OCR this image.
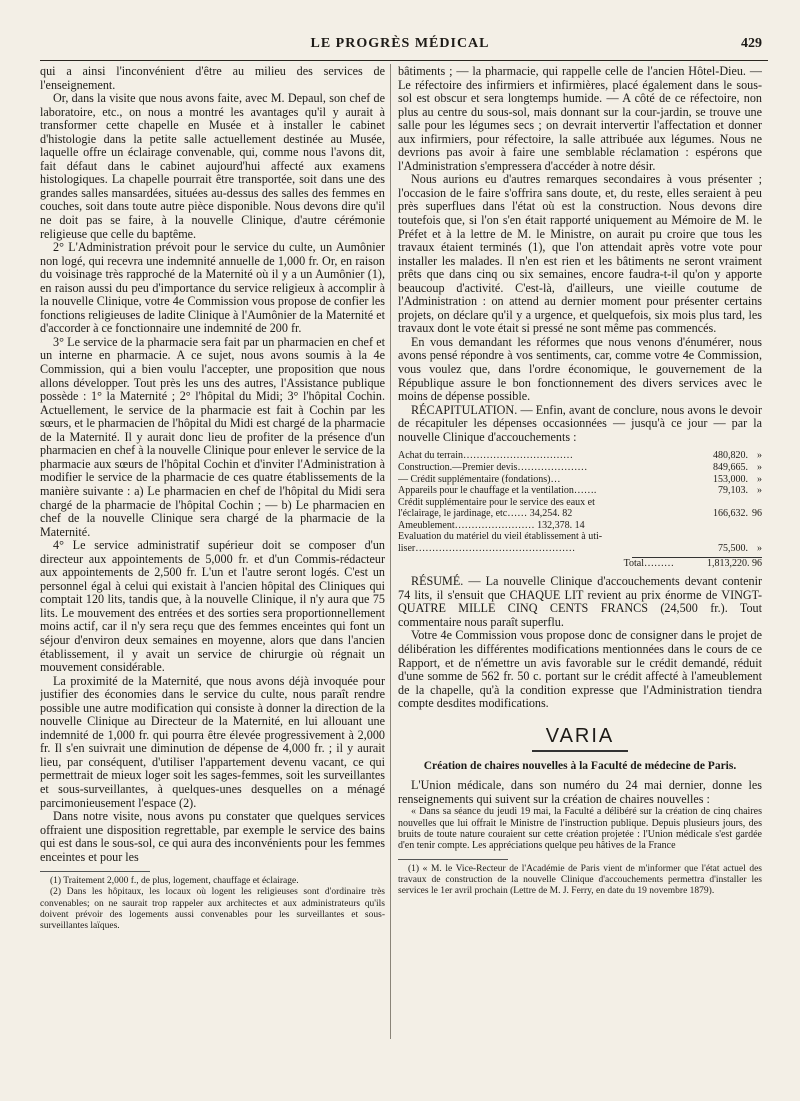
LE PROGRÈS MÉDICAL	429

qui a ainsi l'inconvénient d'être au milieu des services de l'enseignement.

Or, dans la visite que nous avons faite, avec M. Depaul, son chef de laboratoire, etc., on nous a montré les avantages qu'il y aurait à transformer cette chapelle en Musée et à installer le cabinet d'histologie dans la petite salle actuellement destinée au Musée, laquelle offre un éclairage convenable, qui, comme nous l'avons dit, fait défaut dans le cabinet aujourd'hui affecté aux examens histologiques. La chapelle pourrait être transportée, soit dans une des grandes salles mansardées, situées au-dessus des salles des femmes en couches, soit dans toute autre pièce disponible. Nous devons dire qu'il ne doit pas se faire, à la nouvelle Clinique, d'autre cérémonie religieuse que celle du baptême.

2° L'Administration prévoit pour le service du culte, un Aumônier non logé, qui recevra une indemnité annuelle de 1,000 fr. Or, en raison du voisinage très rapproché de la Maternité où il y a un Aumônier (1), en raison aussi du peu d'importance du service religieux à accomplir à la nouvelle Clinique, votre 4e Commission vous propose de confier les fonctions religieuses de ladite Clinique à l'Aumônier de la Maternité et d'accorder à ce fonctionnaire une indemnité de 200 fr.

3° Le service de la pharmacie sera fait par un pharmacien en chef et un interne en pharmacie. A ce sujet, nous avons soumis à la 4e Commission, qui a bien voulu l'accepter, une proposition que nous allons développer. Tout près les uns des autres, l'Assistance publique possède : 1° la Maternité ; 2° l'hôpital du Midi; 3° l'hôpital Cochin. Actuellement, le service de la pharmacie est fait à Cochin par les sœurs, et le pharmacien de l'hôpital du Midi est chargé de la pharmacie de la Maternité. Il y aurait donc lieu de profiter de la présence d'un pharmacien en chef à la nouvelle Clinique pour enlever le service de la pharmacie aux sœurs de l'hôpital Cochin et d'inviter l'Administration à modifier le service de la pharmacie de ces quatre établissements de la manière suivante : a) Le pharmacien en chef de l'hôpital du Midi sera chargé de la pharmacie de l'hôpital Cochin ; — b) Le pharmacien en chef de la nouvelle Clinique sera chargé de la pharmacie de la Maternité.

4° Le service administratif supérieur doit se composer d'un directeur aux appointements de 5,000 fr. et d'un Commis-rédacteur aux appointements de 2,500 fr. L'un et l'autre seront logés. C'est un personnel égal à celui qui existait à l'ancien hôpital des Cliniques qui comptait 120 lits, tandis que, à la nouvelle Clinique, il n'y aura que 75 lits. Le mouvement des entrées et des sorties sera proportionnellement moins actif, car il n'y sera reçu que des femmes enceintes qui font un séjour d'environ deux semaines en moyenne, alors que dans l'ancien établissement, il y avait un service de chirurgie où régnait un mouvement considérable.

La proximité de la Maternité, que nous avons déjà invoquée pour justifier des économies dans le service du culte, nous paraît rendre possible une autre modification qui consiste à donner la direction de la nouvelle Clinique au Directeur de la Maternité, en lui allouant une indemnité de 1,000 fr. qui pourra être élevée progressivement à 2,000 fr. Il s'en suivrait une diminution de dépense de 4,000 fr. ; il y aurait lieu, par conséquent, d'utiliser l'appartement devenu vacant, ce qui permettrait de mieux loger soit les sages-femmes, soit les surveillantes et sous-surveillantes, à quelques-unes desquelles on a ménagé parcimonieusement l'espace (2).

Dans notre visite, nous avons pu constater que quelques services offraient une disposition regrettable, par exemple le service des bains qui est dans le sous-sol, ce qui aura des inconvénients pour les femmes enceintes et pour les

(1) Traitement 2,000 f., de plus, logement, chauffage et éclairage.

(2) Dans les hôpitaux, les locaux où logent les religieuses sont d'ordinaire très convenables; on ne saurait trop rappeler aux architectes et aux administrateurs qu'ils doivent prévoir des logements aussi convenables pour les surveillantes et sous-surveillantes laïques.

bâtiments ; — la pharmacie, qui rappelle celle de l'ancien Hôtel-Dieu. — Le réfectoire des infirmiers et infirmières, placé également dans le sous-sol est obscur et sera longtemps humide. — A côté de ce réfectoire, non plus au centre du sous-sol, mais donnant sur la cour-jardin, se trouve une salle pour les légumes secs ; on devrait intervertir l'affectation et donner aux infirmiers, pour réfectoire, la salle attribuée aux légumes. Nous ne devrions pas avoir à faire une semblable réclamation : espérons que l'Administration s'empressera d'accéder à notre désir.

Nous aurions eu d'autres remarques secondaires à vous présenter ; l'occasion de le faire s'offrira sans doute, et, du reste, elles seraient à peu près superflues dans l'état où est la construction. Nous devons dire toutefois que, si l'on s'en était rapporté uniquement au Mémoire de M. le Préfet et à la lettre de M. le Ministre, on aurait pu croire que tous les travaux étaient terminés (1), que l'on attendait après votre vote pour installer les malades. Il n'en est rien et les bâtiments ne seront vraiment prêts que dans cinq ou six semaines, encore faudra-t-il qu'on y apporte beaucoup d'activité. C'est-là, d'ailleurs, une vieille coutume de l'Administration : on attend au dernier moment pour présenter certains projets, on déclare qu'il y a urgence, et quelquefois, six mois plus tard, les travaux dont le vote était si pressé ne sont même pas commencés.

En vous demandant les réformes que nous venons d'énumérer, nous avons pensé répondre à vos sentiments, car, comme votre 4e Commission, vous voulez que, dans l'ordre économique, le gouvernement de la République assure le bon fonctionnement des divers services avec le moins de dépense possible.

RÉCAPITULATION. — Enfin, avant de conclure, nous avons le devoir de récapituler les dépenses occasionnées — jusqu'à ce jour — par la nouvelle Clinique d'accouchements :

Achat du terrain……………………………	480,820. »
Construction.—Premier devis…………………	849,665. »
— Crédit supplémentaire (fondations)…	153,000. »
Appareils pour le chauffage et la ventilation…….	79,103. »
Crédit supplémentaire pour le service des eaux et
l'éclairage, le jardinage, etc…… 34,254. 82	166,632. 96
Ameublement…………………… 132,378. 14
Evaluation du matériel du vieil établissement à uti-
liser…………………………………………	75,500. »
Total………	1,813,220. 96

RÉSUMÉ. — La nouvelle Clinique d'accouchements devant contenir 74 lits, il s'ensuit que CHAQUE LIT revient au prix énorme de VINGT-QUATRE MILLE CINQ CENTS FRANCS (24,500 fr.). Tout commentaire nous paraît superflu.

Votre 4e Commission vous propose donc de consigner dans le projet de délibération les différentes modifications mentionnées dans le cours de ce Rapport, et de n'émettre un avis favorable sur le crédit demandé, réduit d'une somme de 562 fr. 50 c. portant sur le crédit affecté à l'ameublement de la chapelle, qu'à la condition expresse que l'Administration tiendra compte desdites modifications.

VARIA
Création de chaires nouvelles à la Faculté de médecine de Paris.

L'Union médicale, dans son numéro du 24 mai dernier, donne les renseignements qui suivent sur la création de chaires nouvelles :

« Dans sa séance du jeudi 19 mai, la Faculté a délibéré sur la création de cinq chaires nouvelles que lui offrait le Ministre de l'instruction publique. Depuis plusieurs jours, des bruits de toute nature couraient sur cette création projetée : l'Union médicale s'est gardée d'en tenir compte. Les appréciations quelque peu hâtives de la France

(1) « M. le Vice-Recteur de l'Académie de Paris vient de m'informer que l'état actuel des travaux de construction de la nouvelle Clinique d'accouchements permettra d'installer les services le 1er avril prochain (Lettre de M. J. Ferry, en date du 19 novembre 1879).
